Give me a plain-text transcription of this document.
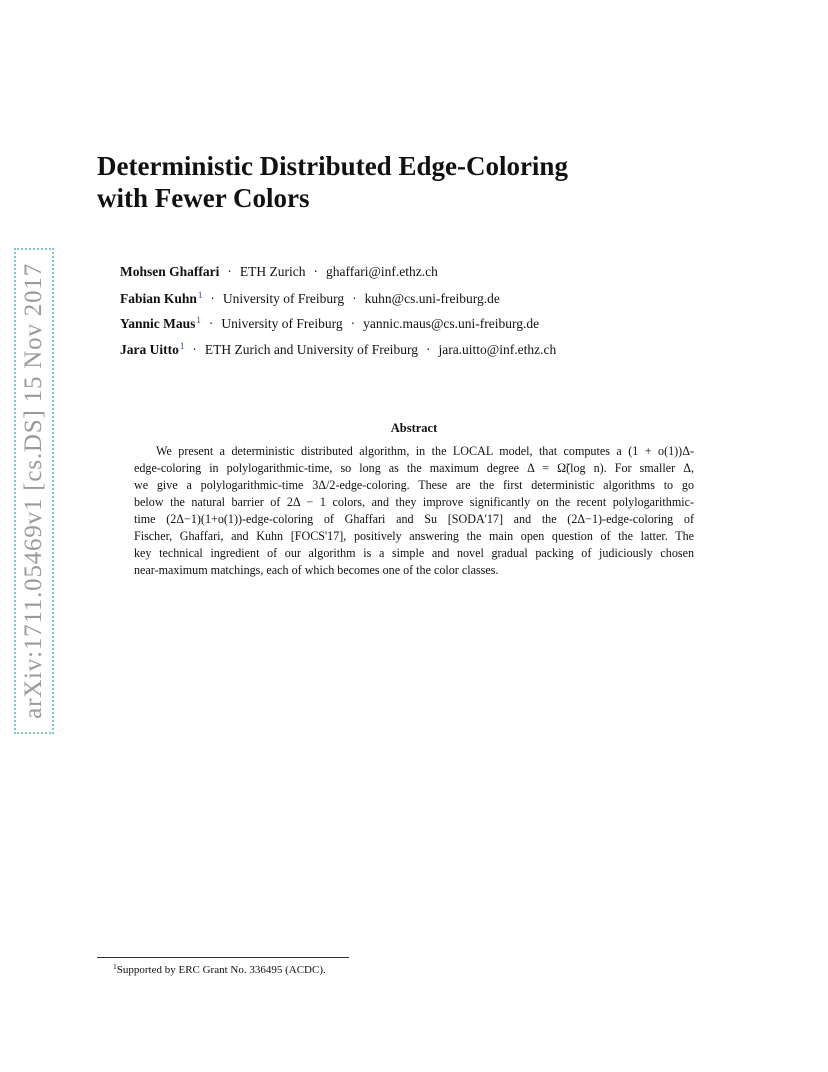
arXiv:1711.05469v1 [cs.DS] 15 Nov 2017
Deterministic Distributed Edge-Coloring
with Fewer Colors
Mohsen Ghaffari · ETH Zurich · ghaffari@inf.ethz.ch
Fabian Kuhn$^1$ · University of Freiburg · kuhn@cs.uni-freiburg.de
Yannic Maus$^1$ · University of Freiburg · yannic.maus@cs.uni-freiburg.de
Jara Uitto$^1$ · ETH Zurich and University of Freiburg · jara.uitto@inf.ethz.ch
Abstract

We present a deterministic distributed algorithm, in the LOCAL model, that computes a (1 + o(1))Δ-
edge-coloring in polylogarithmic-time, so long as the maximum degree Δ = Ω̃(log n). For smaller Δ,
we give a polylogarithmic-time 3Δ/2-edge-coloring. These are the first deterministic algorithms to go
below the natural barrier of 2Δ − 1 colors, and they improve significantly on the recent polylogarithmic-
time (2Δ−1)(1+o(1))-edge-coloring of Ghaffari and Su [SODA'17] and the (2Δ−1)-edge-coloring of
Fischer, Ghaffari, and Kuhn [FOCS'17], positively answering the main open question of the latter. The
key technical ingredient of our algorithm is a simple and novel gradual packing of judiciously chosen
near-maximum matchings, each of which becomes one of the color classes.

$^1$Supported by ERC Grant No. 336495 (ACDC).
